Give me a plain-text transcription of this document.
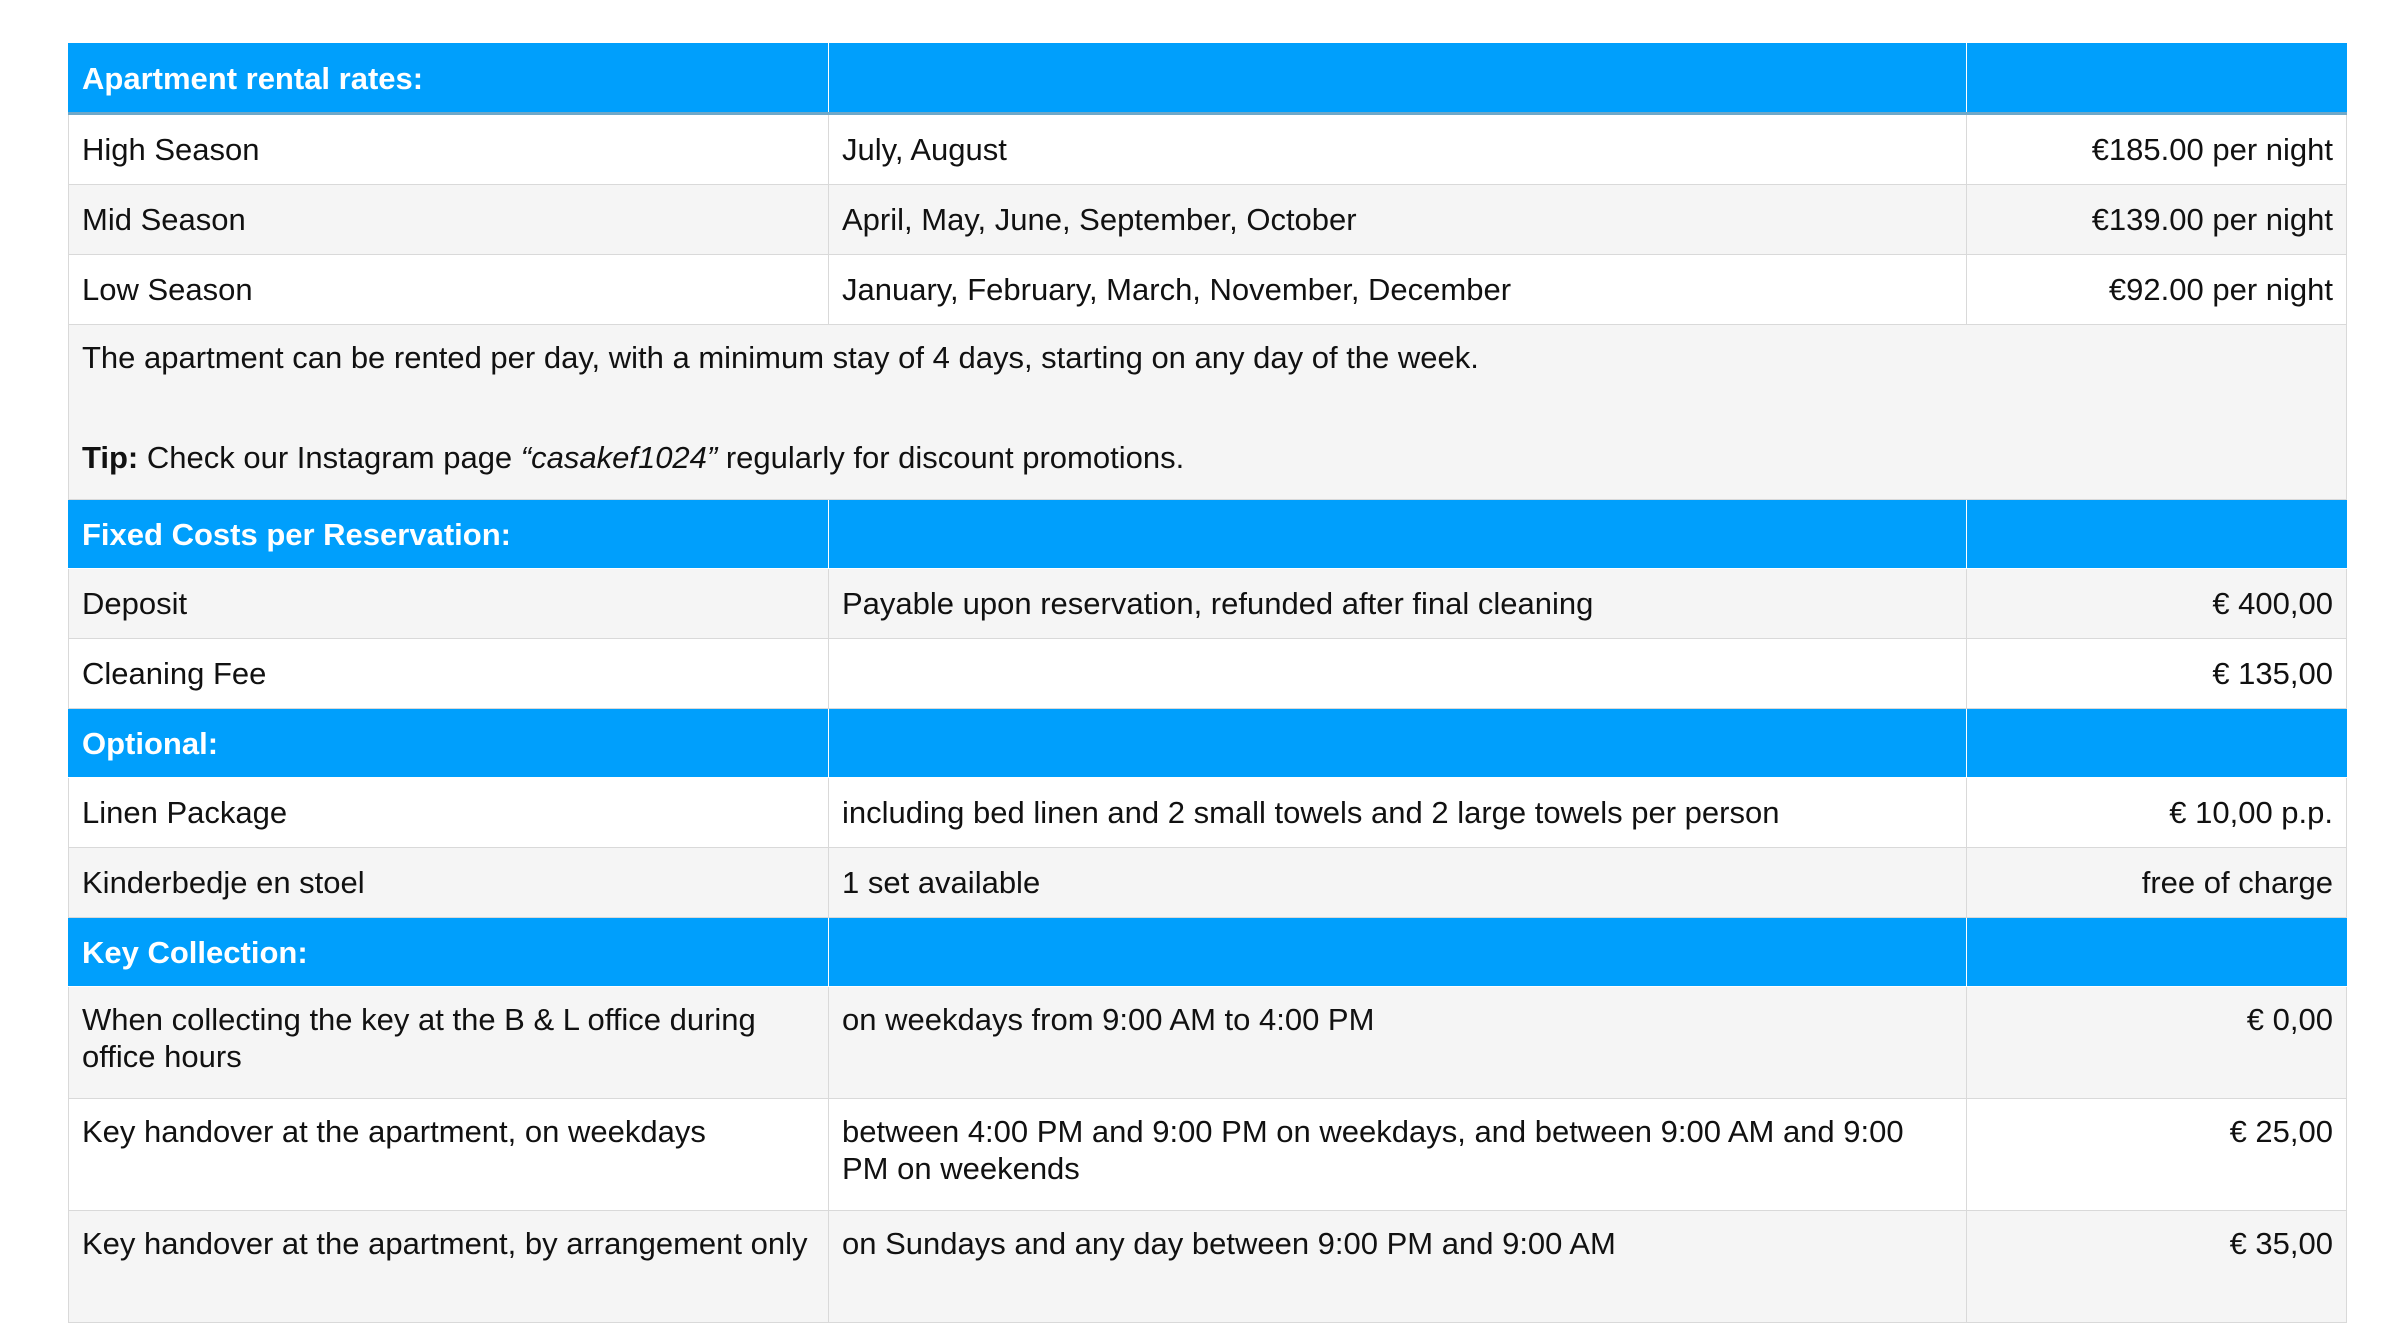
Apartment rental rates:		
High Season	July, August	€185.00 per night
Mid Season	April, May, June, September, October	€139.00 per night
Low Season	January, February, March, November, December	€92.00 per night

The apartment can be rented per day, with a minimum stay of 4 days, starting on any day of the week.
Tip: Check our Instagram page “casakef1024” regularly for discount promotions.		

Fixed Costs per Reservation:		
Deposit	Payable upon reservation, refunded after final cleaning	€ 400,00
Cleaning Fee		€ 135,00
Optional:		
Linen Package	including bed linen and 2 small towels and 2 large towels per person	€ 10,00 p.p.
Kinderbedje en stoel	1 set available	free of charge
Key Collection:		
When collecting the key at the B & L office during office hours	on weekdays from 9:00 AM to 4:00 PM	€ 0,00
Key handover at the apartment, on weekdays	between 4:00 PM and 9:00 PM on weekdays, and between 9:00 AM and 9:00 PM on weekends	€ 25,00
Key handover at the apartment, by arrangement only	on Sundays and any day between 9:00 PM and 9:00 AM	€ 35,00
